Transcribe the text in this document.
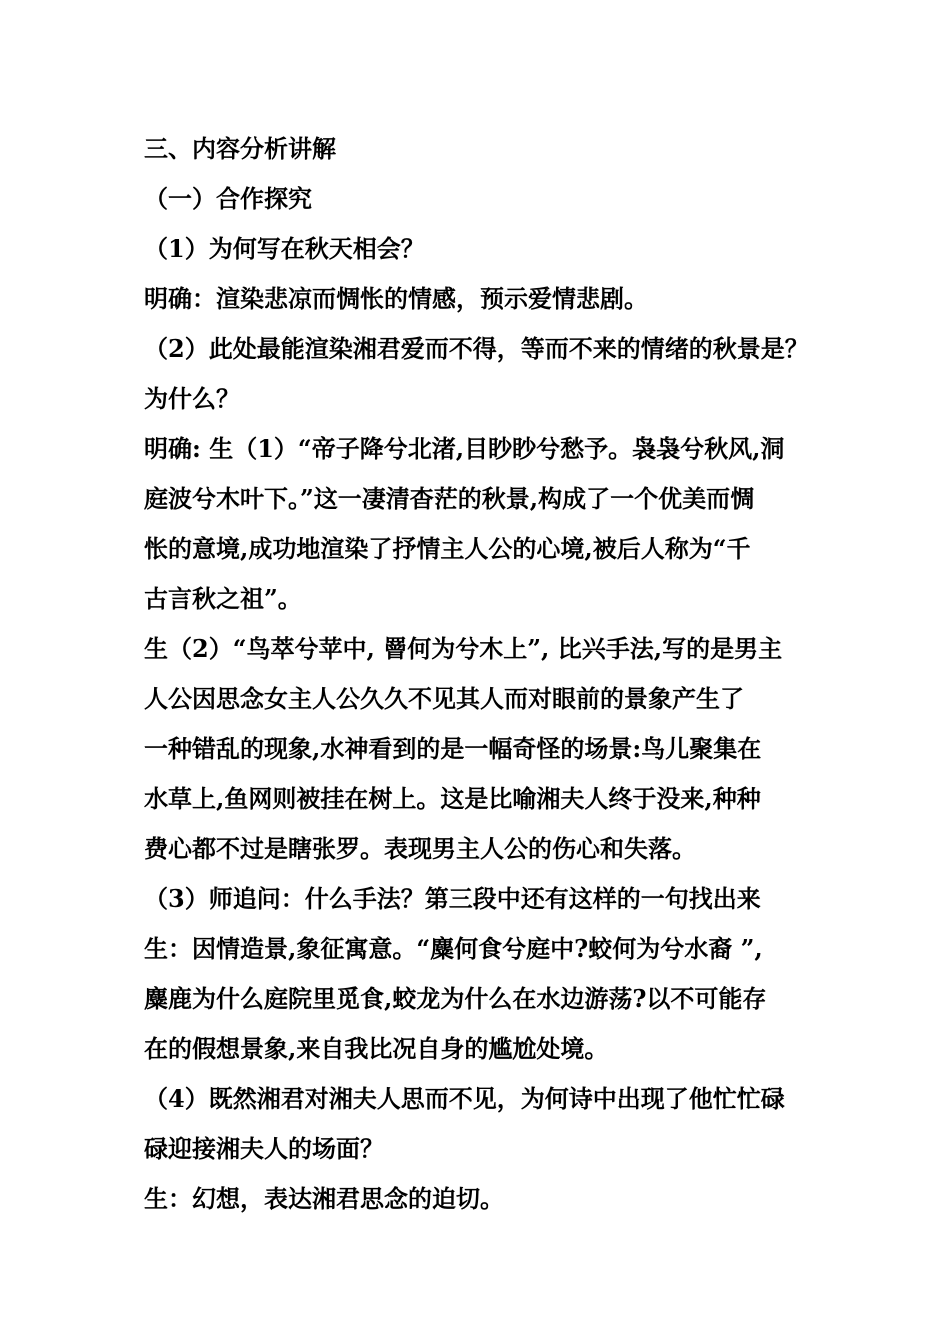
三、内容分析讲解
（一）合作探究
（1）为何写在秋天相会？
明确：渲染悲凉而惆怅的情感，预示爱情悲剧。
（2）此处最能渲染湘君爱而不得，等而不来的情绪的秋景是？
为什么？
明确: 生（1）“帝子降兮北渚,目眇眇兮愁予。袅袅兮秋风,洞
庭波兮木叶下。”这一凄清杳茫的秋景,构成了一个优美而惆
怅的意境,成功地渲染了抒情主人公的心境,被后人称为“千
古言秋之祖”。
生（2）“鸟萃兮苹中, 罾何为兮木上”, 比兴手法,写的是男主
人公因思念女主人公久久不见其人而对眼前的景象产生了
一种错乱的现象,水神看到的是一幅奇怪的场景:鸟儿聚集在
水草上,鱼网则被挂在树上。这是比喻湘夫人终于没来,种种
费心都不过是瞎张罗。表现男主人公的伤心和失落。
（3）师追问：什么手法？第三段中还有这样的一句找出来
生：因情造景,象征寓意。“麋何食兮庭中?蛟何为兮水裔 ”,
麋鹿为什么庭院里觅食,蛟龙为什么在水边游荡?以不可能存
在的假想景象,来自我比况自身的尴尬处境。
（4）既然湘君对湘夫人思而不见，为何诗中出现了他忙忙碌
碌迎接湘夫人的场面？
生：幻想，表达湘君思念的迫切。
